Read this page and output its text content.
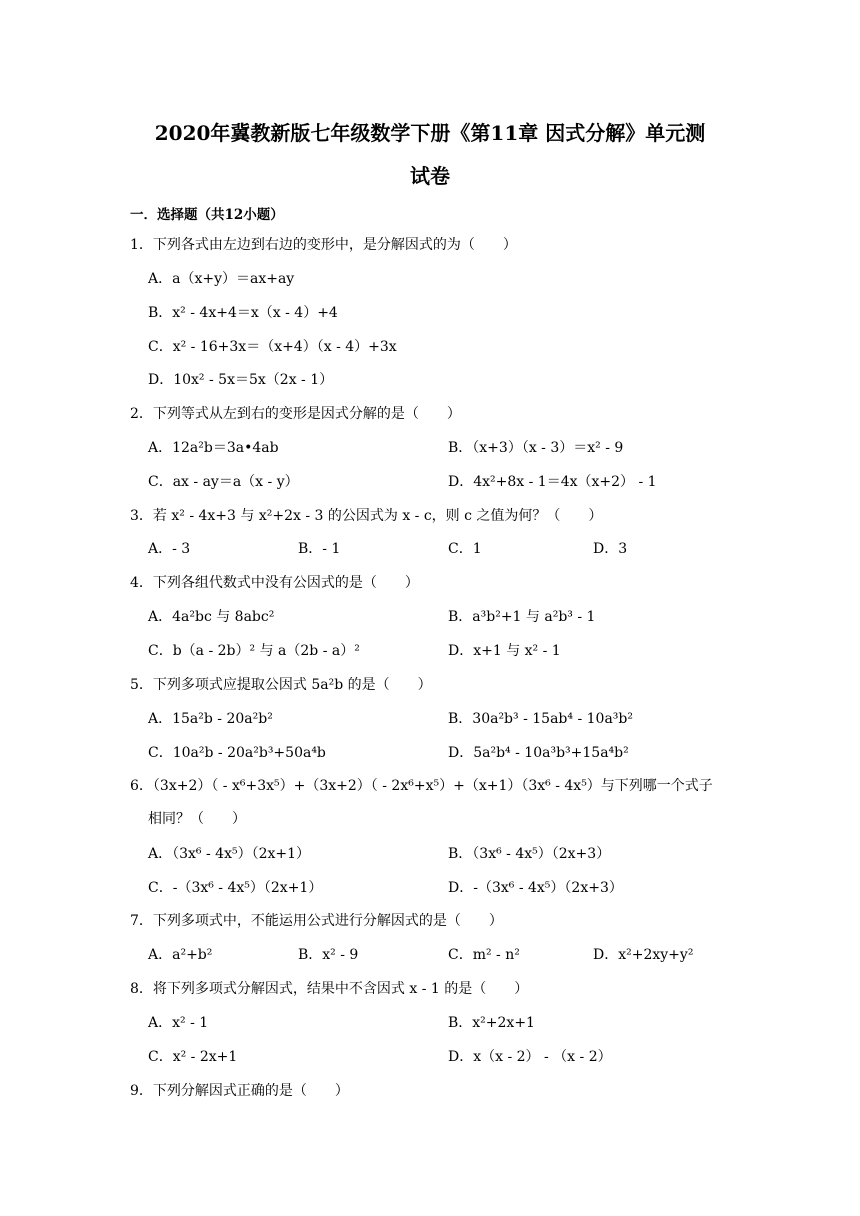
2020年冀教新版七年级数学下册《第11章 因式分解》单元测
试卷
一．选择题（共12小题）
1．下列各式由左边到右边的变形中，是分解因式的为（　　）
A．a（x+y）＝ax+ay
B．x² - 4x+4＝x（x - 4）+4
C．x² - 16+3x＝（x+4）（x - 4）+3x
D．10x² - 5x＝5x（2x - 1）
2．下列等式从左到右的变形是因式分解的是（　　）
A．12a²b＝3a•4ab	B．（x+3）（x - 3）＝x² - 9
C．ax - ay＝a（x - y）	D．4x²+8x - 1＝4x（x+2） - 1
3．若 x² - 4x+3 与 x²+2x - 3 的公因式为 x - c，则 c 之值为何？（　　）
A．- 3	B．- 1	C．1	D．3
4．下列各组代数式中没有公因式的是（　　）
A．4a²bc 与 8abc²	B．a³b²+1 与 a²b³ - 1
C．b（a - 2b）² 与 a（2b - a）²	D．x+1 与 x² - 1
5．下列多项式应提取公因式 5a²b 的是（　　）
A．15a²b - 20a²b²	B．30a²b³ - 15ab⁴ - 10a³b²
C．10a²b - 20a²b³+50a⁴b	D．5a²b⁴ - 10a³b³+15a⁴b²
6．（3x+2）（ - x⁶+3x⁵）+（3x+2）（ - 2x⁶+x⁵）+（x+1）（3x⁶ - 4x⁵）与下列哪一个式子
相同？（　　）
A．（3x⁶ - 4x⁵）（2x+1）	B．（3x⁶ - 4x⁵）（2x+3）
C．-（3x⁶ - 4x⁵）（2x+1）	D．-（3x⁶ - 4x⁵）（2x+3）
7．下列多项式中，不能运用公式进行分解因式的是（　　）
A．a²+b²	B．x² - 9	C．m² - n²	D．x²+2xy+y²
8．将下列多项式分解因式，结果中不含因式 x - 1 的是（　　）
A．x² - 1	B．x²+2x+1
C．x² - 2x+1	D．x（x - 2） - （x - 2）
9．下列分解因式正确的是（　　）
